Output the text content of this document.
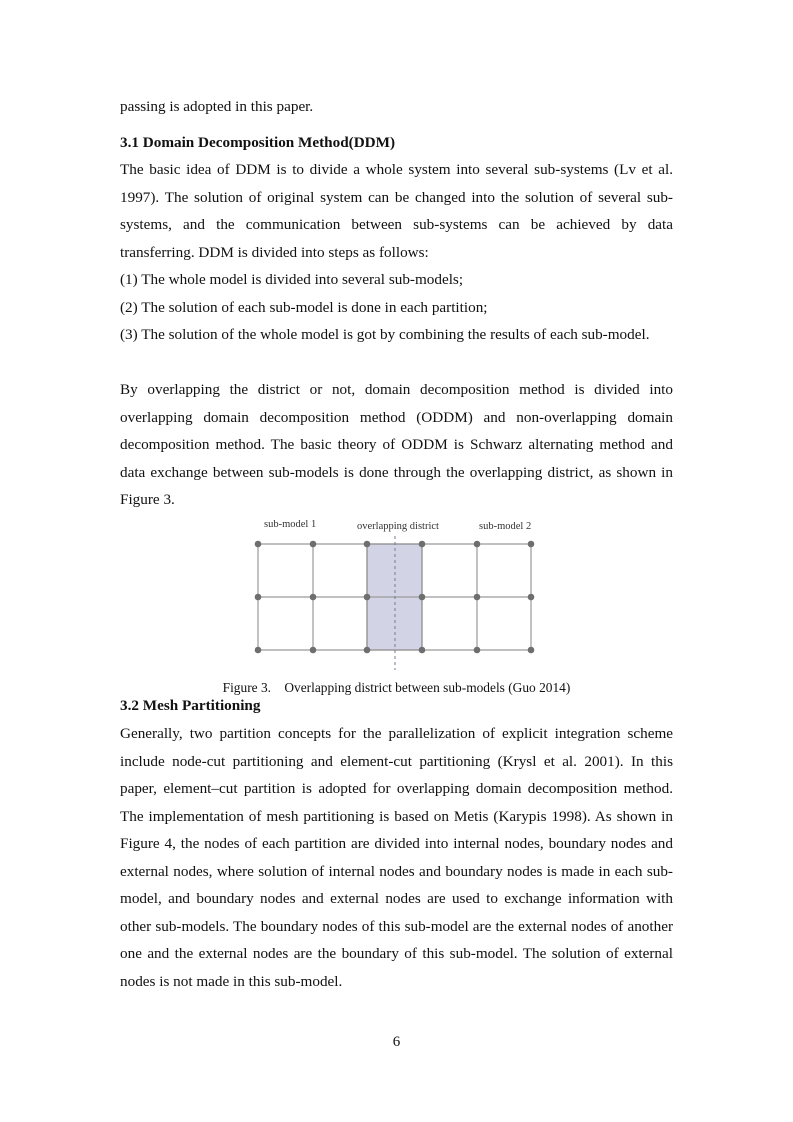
passing is adopted in this paper.

3.1 Domain Decomposition Method(DDM)

The basic idea of DDM is to divide a whole system into several sub-systems (Lv et al. 1997). The solution of original system can be changed into the solution of several sub-systems, and the communication between sub-systems can be achieved by data transferring. DDM is divided into steps as follows:

(1) The whole model is divided into several sub-models;

(2) The solution of each sub-model is done in each partition;

(3) The solution of the whole model is got by combining the results of each sub-model.

By overlapping the district or not, domain decomposition method is divided into overlapping domain decomposition method (ODDM) and non-overlapping domain decomposition method. The basic theory of ODDM is Schwarz alternating method and data exchange between sub-models is done through the overlapping district, as shown in Figure 3.

sub-model 1	overlapping district	sub-model 2
Figure 3. Overlapping district between sub-models (Guo 2014)
3.2 Mesh Partitioning

Generally, two partition concepts for the parallelization of explicit integration scheme include node-cut partitioning and element-cut partitioning (Krysl et al. 2001). In this paper, element–cut partition is adopted for overlapping domain decomposition method. The implementation of mesh partitioning is based on Metis (Karypis 1998). As shown in Figure 4, the nodes of each partition are divided into internal nodes, boundary nodes and external nodes, where solution of internal nodes and boundary nodes is made in each sub-model, and boundary nodes and external nodes are used to exchange information with other sub-models. The boundary nodes of this sub-model are the external nodes of another one and the external nodes are the boundary of this sub-model. The solution of external nodes is not made in this sub-model.

6
